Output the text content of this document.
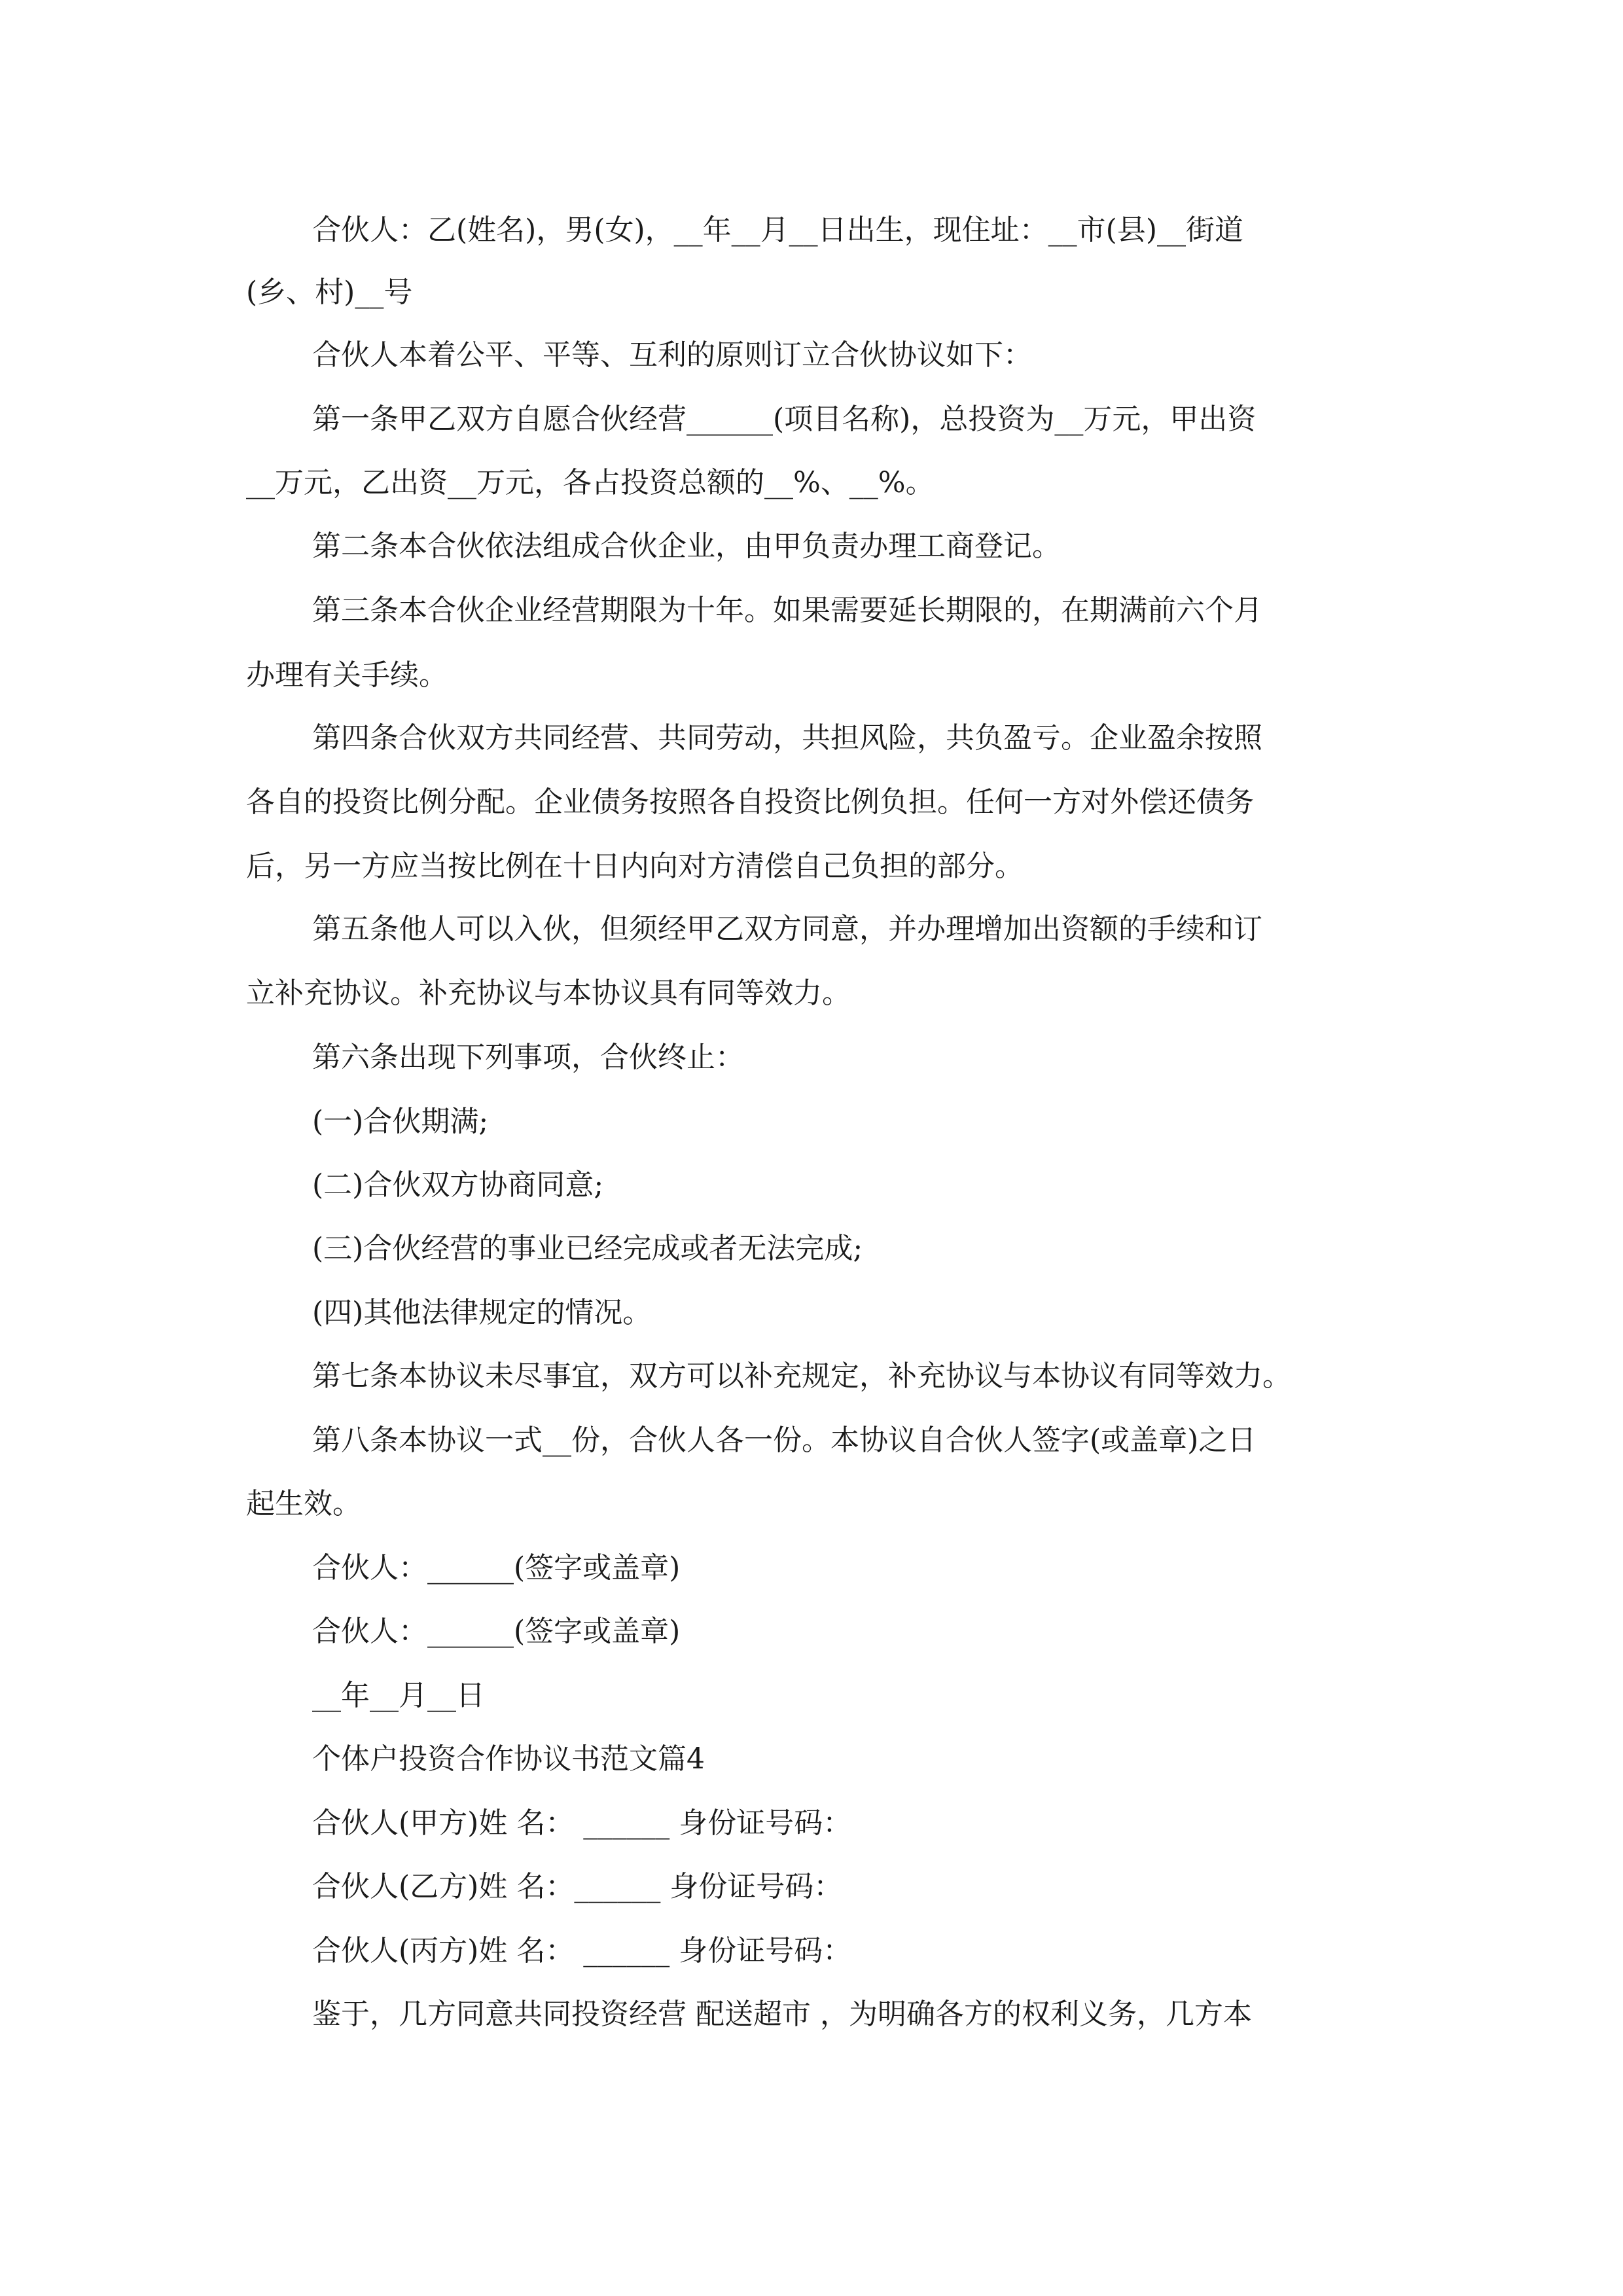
合伙人：乙(姓名)，男(女)，__年__月__日出生，现住址：__市(县)__街道
(乡、村)__号
合伙人本着公平、平等、互利的原则订立合伙协议如下：
第一条甲乙双方自愿合伙经营______(项目名称)，总投资为__万元，甲出资
__万元，乙出资__万元，各占投资总额的__%、__%。
第二条本合伙依法组成合伙企业，由甲负责办理工商登记。
第三条本合伙企业经营期限为十年。如果需要延长期限的，在期满前六个月
办理有关手续。
第四条合伙双方共同经营、共同劳动，共担风险，共负盈亏。企业盈余按照
各自的投资比例分配。企业债务按照各自投资比例负担。任何一方对外偿还债务
后，另一方应当按比例在十日内向对方清偿自己负担的部分。
第五条他人可以入伙，但须经甲乙双方同意，并办理增加出资额的手续和订
立补充协议。补充协议与本协议具有同等效力。
第六条出现下列事项，合伙终止：
(一)合伙期满;
(二)合伙双方协商同意;
(三)合伙经营的事业已经完成或者无法完成;
(四)其他法律规定的情况。
第七条本协议未尽事宜，双方可以补充规定，补充协议与本协议有同等效力。
第八条本协议一式__份，合伙人各一份。本协议自合伙人签字(或盖章)之日
起生效。
合伙人：______(签字或盖章)
合伙人：______(签字或盖章)
__年__月__日
个体户投资合作协议书范文篇4
合伙人(甲方)姓 名： ______ 身份证号码：
合伙人(乙方)姓 名：______ 身份证号码：
合伙人(丙方)姓 名： ______ 身份证号码：
鉴于，几方同意共同投资经营 配送超市 ，为明确各方的权利义务，几方本
